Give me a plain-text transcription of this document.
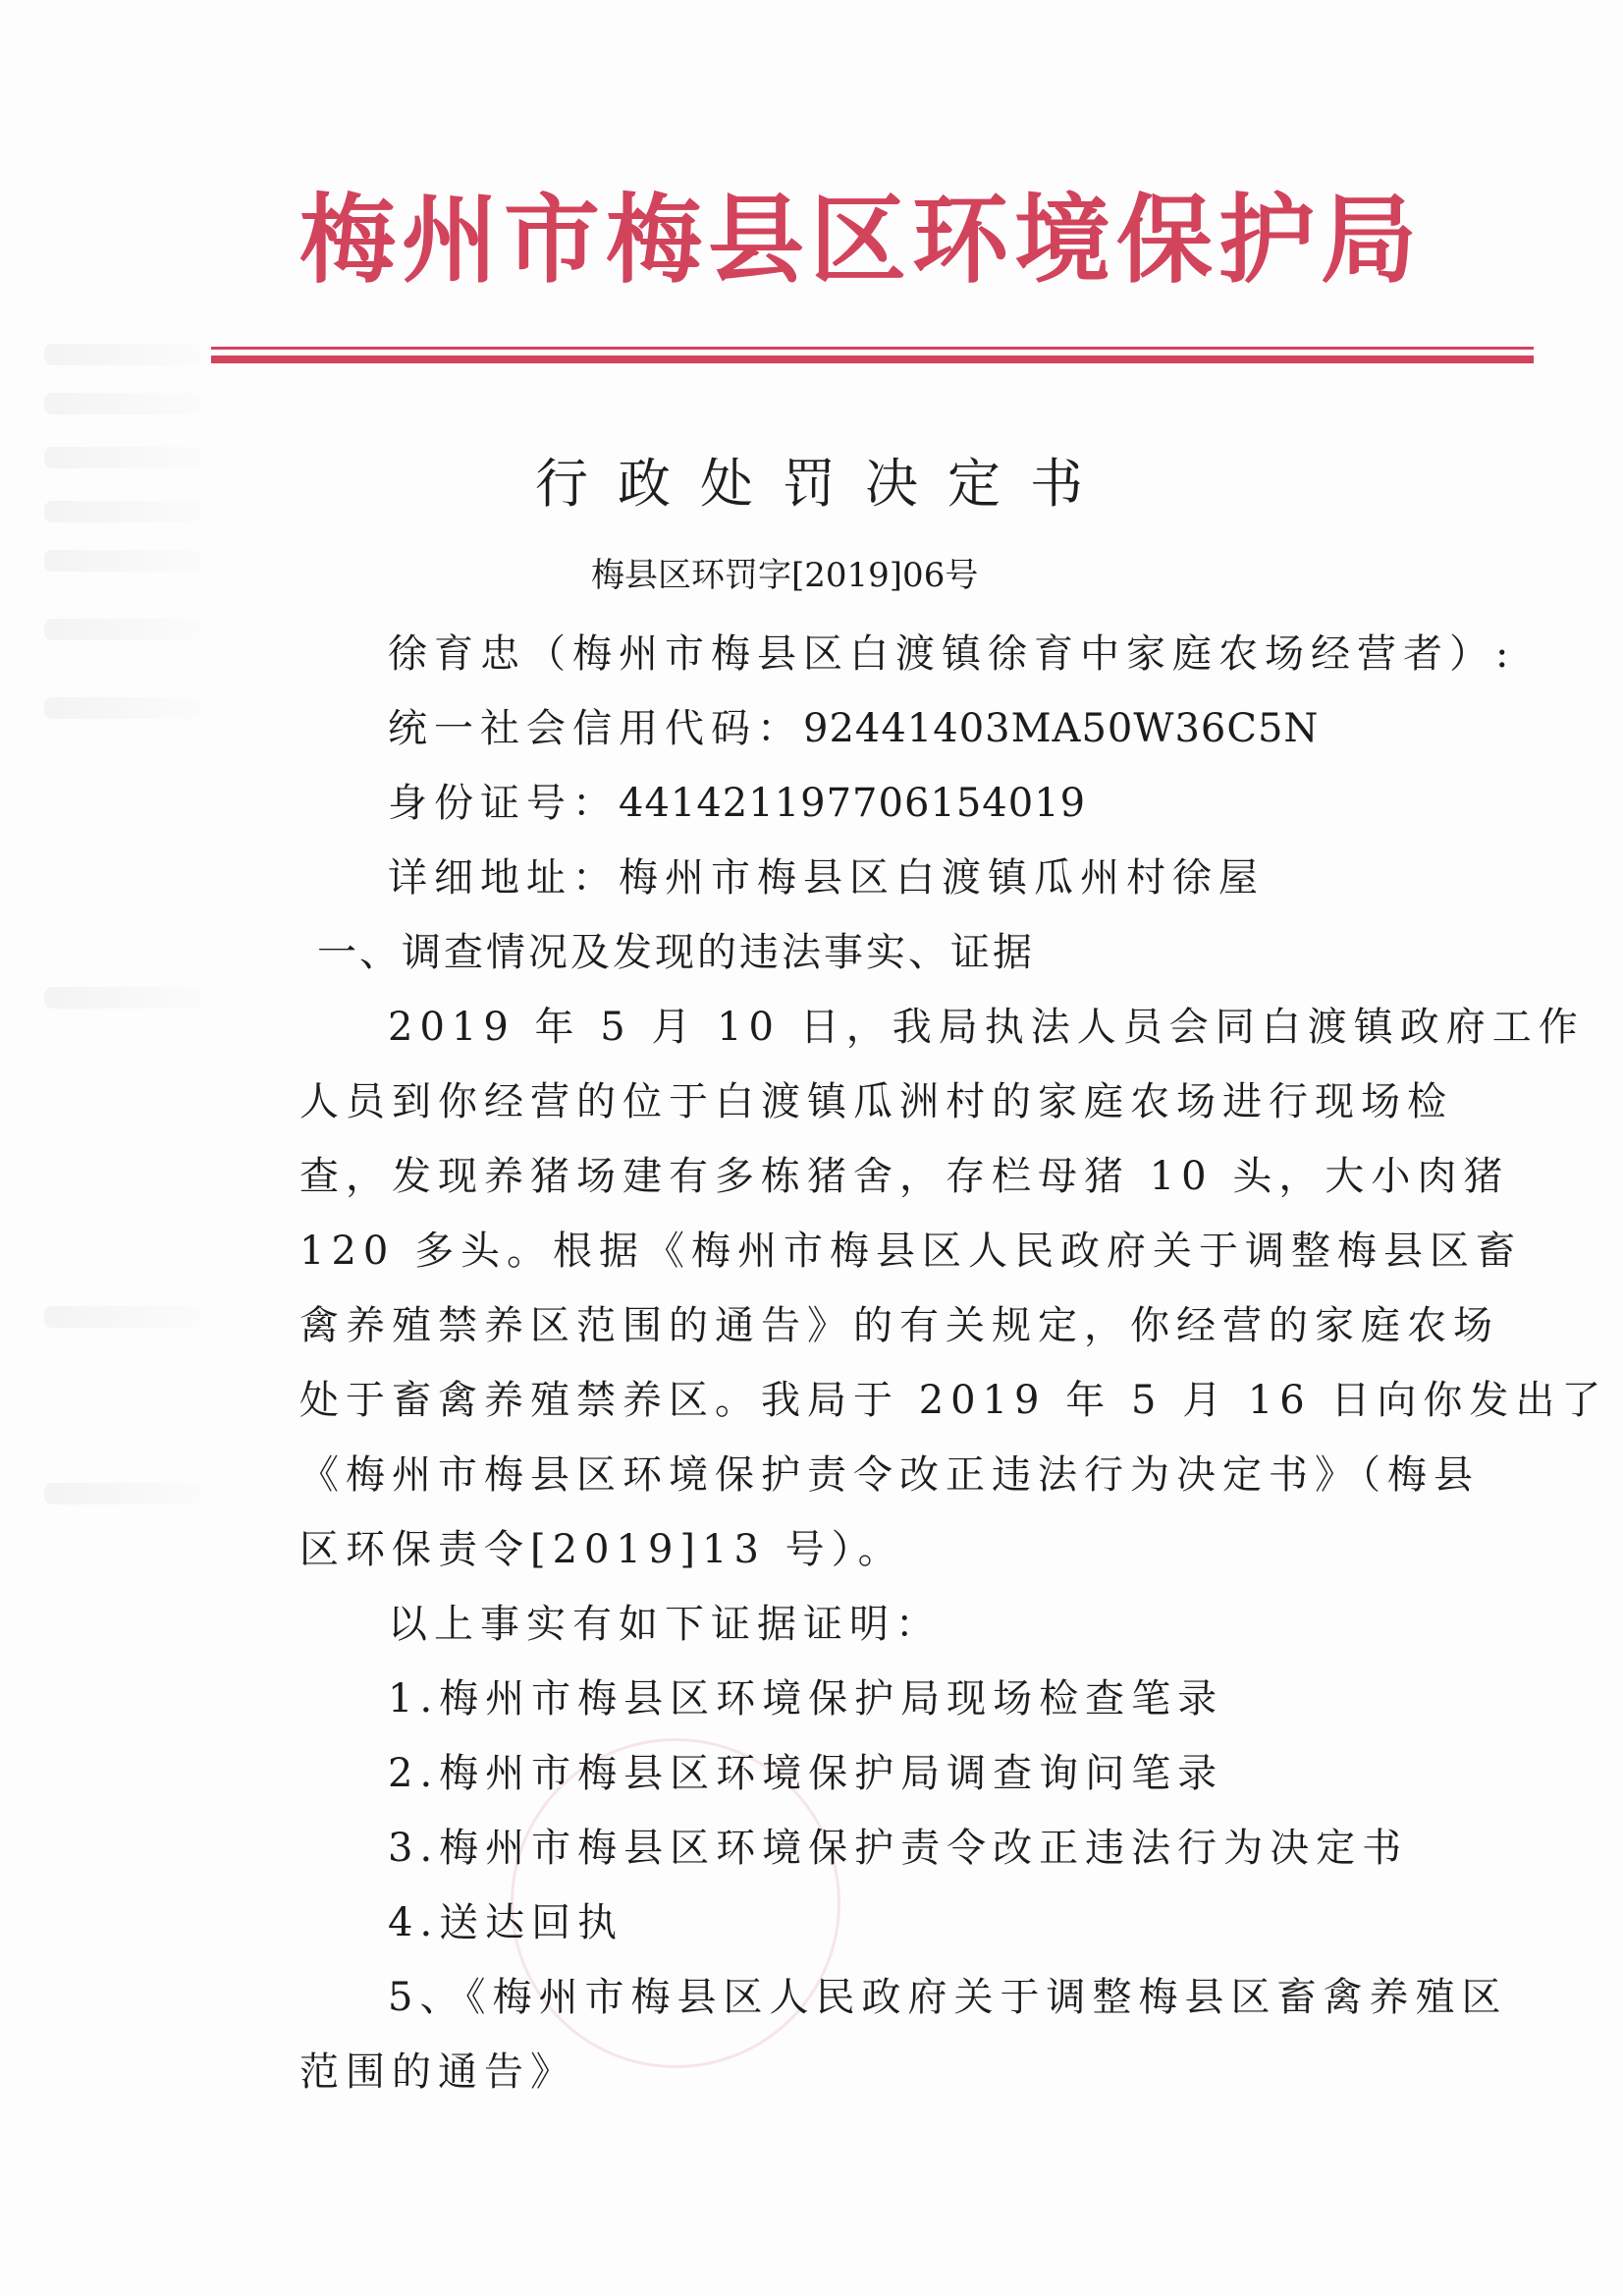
梅州市梅县区环境保护局
行政处罚决定书
梅县区环罚字[2019]06号
徐育忠（梅州市梅县区白渡镇徐育中家庭农场经营者）:
统一社会信用代码：92441403MA50W36C5N
身份证号：441421197706154019
详细地址：梅州市梅县区白渡镇瓜州村徐屋
一、调查情况及发现的违法事实、证据
2019 年 5 月 10 日，我局执法人员会同白渡镇政府工作
人员到你经营的位于白渡镇瓜洲村的家庭农场进行现场检
查，发现养猪场建有多栋猪舍，存栏母猪 10 头，大小肉猪
120 多头。根据《梅州市梅县区人民政府关于调整梅县区畜
禽养殖禁养区范围的通告》的有关规定，你经营的家庭农场
处于畜禽养殖禁养区。我局于 2019 年 5 月 16 日向你发出了
《梅州市梅县区环境保护责令改正违法行为决定书》（梅县
区环保责令[2019]13 号）。
以上事实有如下证据证明：
1.梅州市梅县区环境保护局现场检查笔录
2.梅州市梅县区环境保护局调查询问笔录
3.梅州市梅县区环境保护责令改正违法行为决定书
4.送达回执
5、《梅州市梅县区人民政府关于调整梅县区畜禽养殖区
范围的通告》
